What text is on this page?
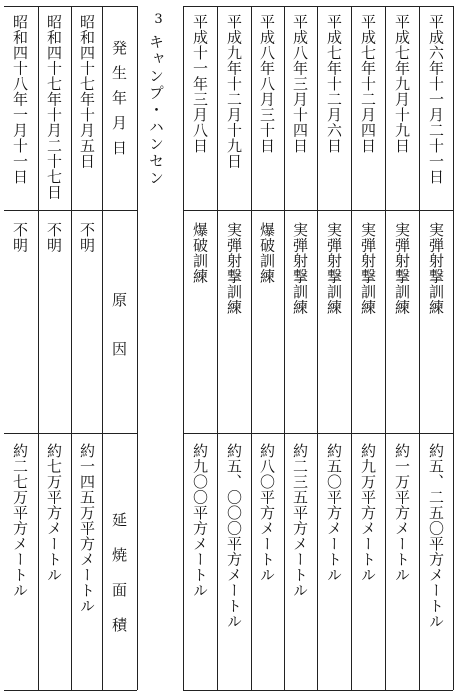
平成六年十一月二十一日
実弾射撃訓練
約五、二五〇平方メートル
平成七年九月十九日
実弾射撃訓練
約一万平方メートル
平成七年十二月四日
実弾射撃訓練
約九万平方メートル
平成七年十二月六日
実弾射撃訓練
約五〇平方メートル
平成八年三月十四日
実弾射撃訓練
約二三五平方メートル
平成八年八月三十日
爆破訓練
約八〇平方メートル
平成九年十二月十九日
実弾射撃訓練
約五、〇〇〇平方メートル
平成十一年三月八日
爆破訓練
約九〇〇平方メートル
3
キャンプ・ハンセン
発生年月日
原因
延焼面積
昭和四十七年十月五日
不明
約一四五万平方メートル
昭和四十七年十月二十七日
不明
約七万平方メートル
昭和四十八年一月十一日
不明
約二七万平方メートル
